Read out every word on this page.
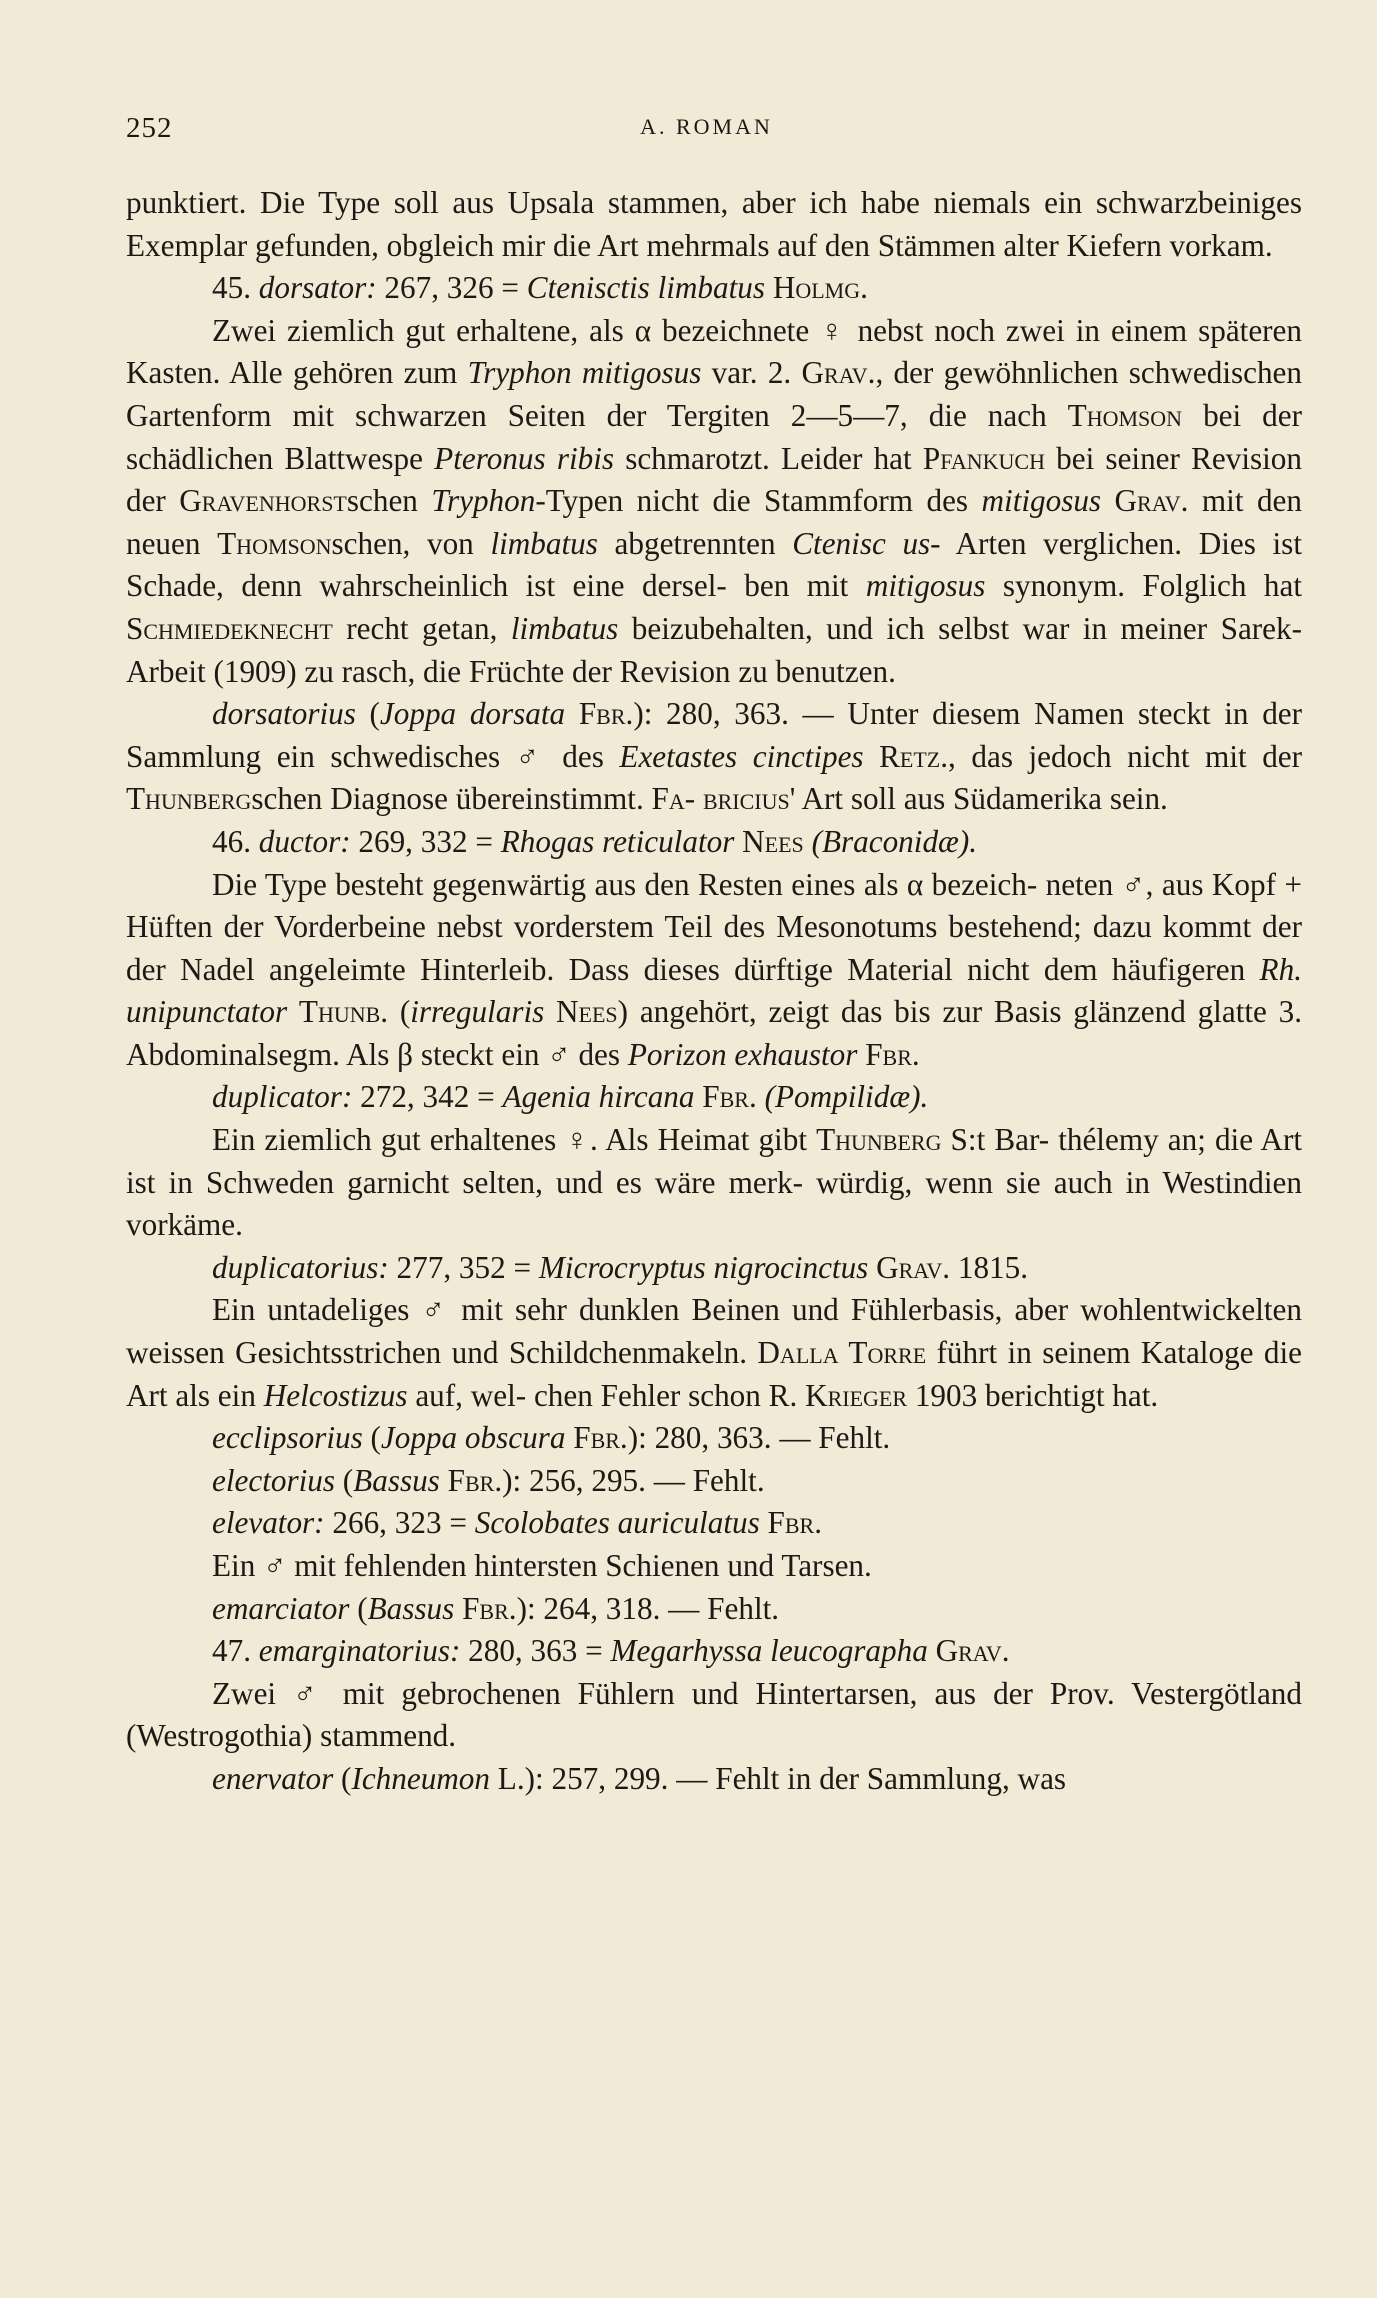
252	A. ROMAN

punktiert. Die Type soll aus Upsala stammen, aber ich habe niemals ein schwarzbeiniges Exemplar gefunden, obgleich mir die Art mehrmals auf den Stämmen alter Kiefern vorkam.

45. dorsator: 267, 326 = Ctenisctis limbatus Holmg.

Zwei ziemlich gut erhaltene, als α bezeichnete ♀ nebst noch zwei in einem späteren Kasten. Alle gehören zum Tryphon mitigosus var. 2. Grav., der gewöhnlichen schwedischen Gartenform mit schwarzen Seiten der Tergiten 2—5—7, die nach Thomson bei der schädlichen Blattwespe Pteronus ribis schmarotzt. Leider hat Pfankuch bei seiner Revision der Gravenhorstschen Tryphon-Typen nicht die Stammform des mitigosus Grav. mit den neuen Thomsonschen, von limbatus abgetrennten Ctenisc us- Arten verglichen. Dies ist Schade, denn wahrscheinlich ist eine dersel- ben mit mitigosus synonym. Folglich hat Schmiedeknecht recht getan, limbatus beizubehalten, und ich selbst war in meiner Sarek-Arbeit (1909) zu rasch, die Früchte der Revision zu benutzen.

dorsatorius (Joppa dorsata Fbr.): 280, 363. — Unter diesem Namen steckt in der Sammlung ein schwedisches ♂ des Exetastes cinctipes Retz., das jedoch nicht mit der Thunbergschen Diagnose übereinstimmt. Fa- bricius' Art soll aus Südamerika sein.

46. ductor: 269, 332 = Rhogas reticulator Nees (Braconidæ).

Die Type besteht gegenwärtig aus den Resten eines als α bezeich- neten ♂, aus Kopf + Hüften der Vorderbeine nebst vorderstem Teil des Mesonotums bestehend; dazu kommt der der Nadel angeleimte Hinterleib. Dass dieses dürftige Material nicht dem häufigeren Rh. unipunctator Thunb. (irregularis Nees) angehört, zeigt das bis zur Basis glänzend glatte 3. Abdominalsegm. Als β steckt ein ♂ des Porizon exhaustor Fbr.

duplicator: 272, 342 = Agenia hircana Fbr. (Pompilidæ).

Ein ziemlich gut erhaltenes ♀. Als Heimat gibt Thunberg S:t Bar- thélemy an; die Art ist in Schweden garnicht selten, und es wäre merk- würdig, wenn sie auch in Westindien vorkäme.

duplicatorius: 277, 352 = Microcryptus nigrocinctus Grav. 1815.

Ein untadeliges ♂ mit sehr dunklen Beinen und Fühlerbasis, aber wohlentwickelten weissen Gesichtsstrichen und Schildchenmakeln. Dalla Torre führt in seinem Kataloge die Art als ein Helcostizus auf, wel- chen Fehler schon R. Krieger 1903 berichtigt hat.

ecclipsorius (Joppa obscura Fbr.): 280, 363. — Fehlt.

electorius (Bassus Fbr.): 256, 295. — Fehlt.

elevator: 266, 323 = Scolobates auriculatus Fbr.

Ein ♂ mit fehlenden hintersten Schienen und Tarsen.

emarciator (Bassus Fbr.): 264, 318. — Fehlt.

47. emarginatorius: 280, 363 = Megarhyssa leucographa Grav.

Zwei ♂ mit gebrochenen Fühlern und Hintertarsen, aus der Prov. Vestergötland (Westrogothia) stammend.

enervator (Ichneumon L.): 257, 299. — Fehlt in der Sammlung, was
